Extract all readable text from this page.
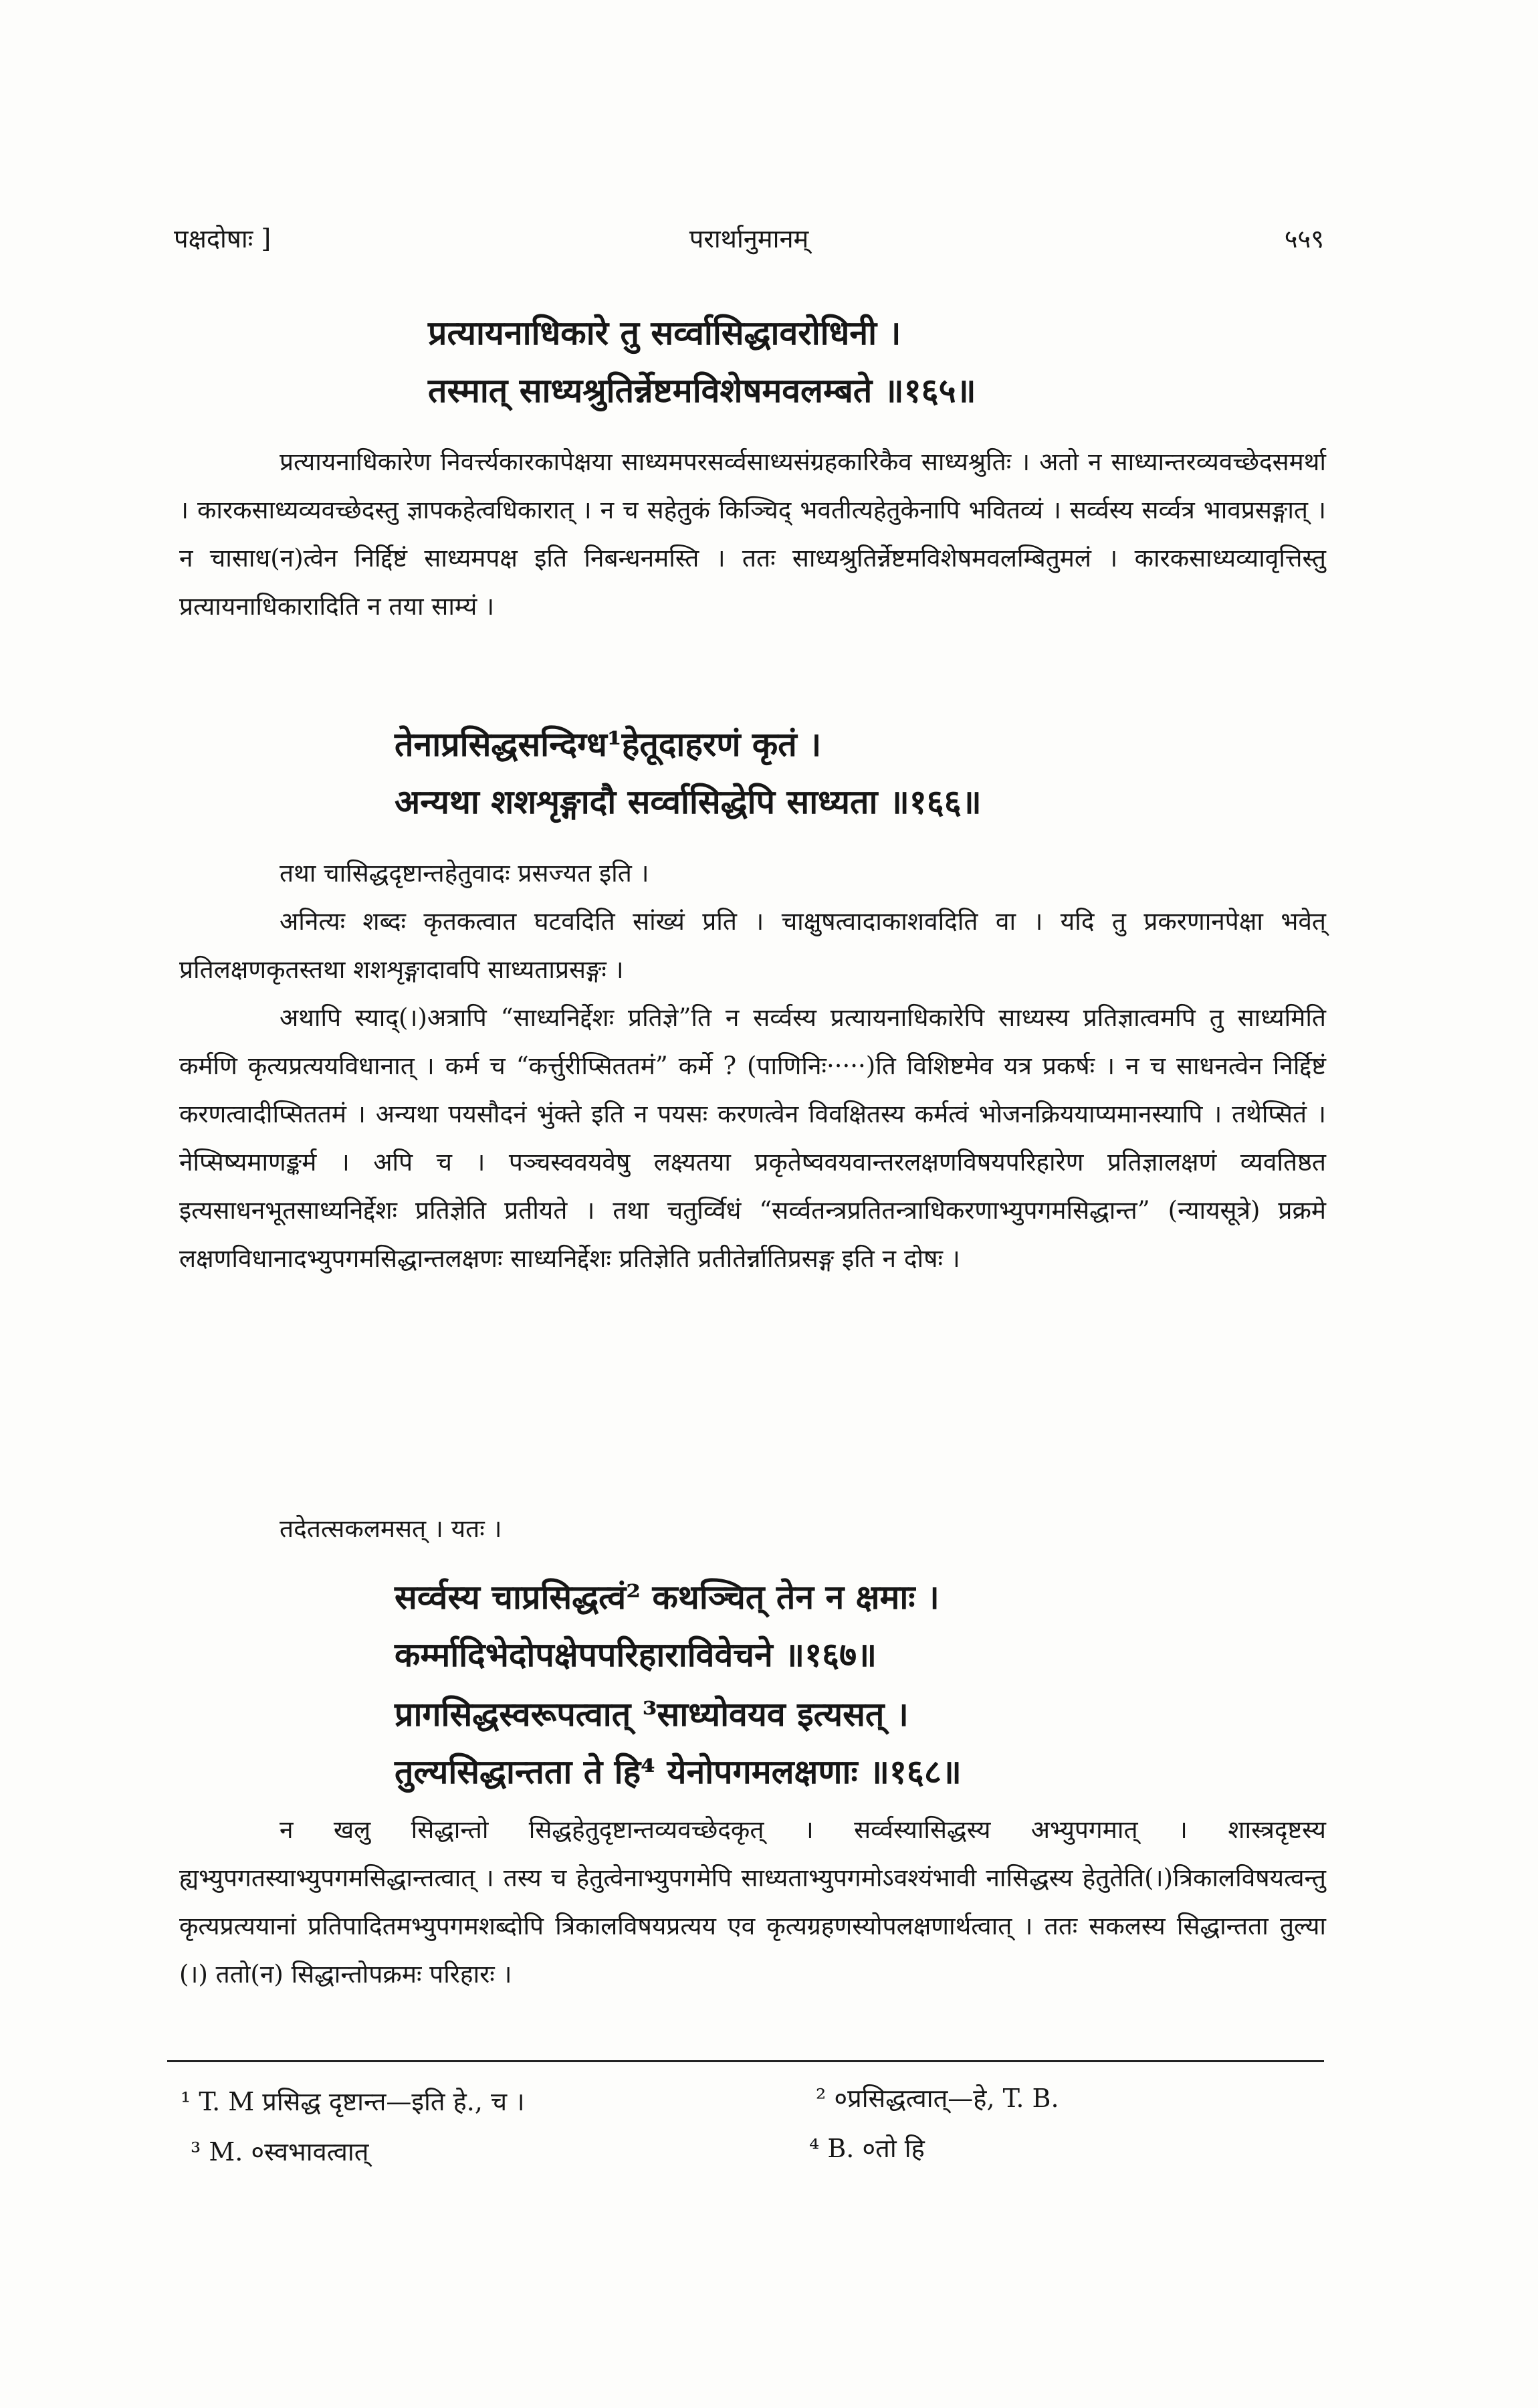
पक्षदोषाः ]	परार्थानुमानम्	५५९
प्रत्यायनाधिकारे तु सर्व्वासिद्धावरोधिनी ।
तस्मात् साध्यश्रुतिर्न्नेष्टमविशेषमवलम्बते ॥१६५॥

प्रत्यायनाधिकारेण निवर्त्त्यकारकापेक्षया साध्यमपरसर्व्वसाध्यसंग्रहकारिकैव साध्यश्रुतिः । अतो न साध्यान्तरव्यवच्छेदसमर्था । कारकसाध्यव्यवच्छेदस्तु ज्ञापकहेत्वधिकारात् । न च सहेतुकं किञ्चिद् भवतीत्यहेतुकेनापि भवितव्यं । सर्व्वस्य सर्व्वत्र भावप्रसङ्गात् । न चासाध(न)त्वेन निर्द्दिष्टं साध्यमपक्ष इति निबन्धनमस्ति । ततः साध्यश्रुतिर्न्नेष्टमविशेषमवलम्बितुमलं । कारकसाध्यव्यावृत्तिस्तु प्रत्यायनाधिकारादिति न तया साम्यं ।

तेनाप्रसिद्धसन्दिग्ध¹हेतूदाहरणं कृतं ।
अन्यथा शशशृङ्गादौ सर्व्वासिद्धेपि साध्यता ॥१६६॥

तथा चासिद्धदृष्टान्तहेतुवादः प्रसज्यत इति ।

अनित्यः शब्दः कृतकत्वात घटवदिति सांख्यं प्रति । चाक्षुषत्वादाकाशवदिति वा । यदि तु प्रकरणानपेक्षा भवेत् प्रतिलक्षणकृतस्तथा शशशृङ्गादावपि साध्यताप्रसङ्गः ।

अथापि स्याद्(।)अत्रापि “साध्यनिर्द्देशः प्रतिज्ञे”ति न सर्व्वस्य प्रत्यायनाधिकारेपि साध्यस्य प्रतिज्ञात्वमपि तु साध्यमिति कर्मणि कृत्यप्रत्ययविधानात् । कर्म च “कर्त्तुरीप्सिततमं” कर्मे ? (पाणिनिः·····)ति विशिष्टमेव यत्र प्रकर्षः । न च साधनत्वेन निर्द्दिष्टं करणत्वादीप्सिततमं । अन्यथा पयसौदनं भुंक्ते इति न पयसः करणत्वेन विवक्षितस्य कर्मत्वं भोजनक्रिययाप्यमानस्यापि । तथेप्सितं । नेप्सिष्यमाणङ्कर्म । अपि च । पञ्चस्ववयवेषु लक्ष्यतया प्रकृतेष्ववयवान्तरलक्षणविषयपरिहारेण प्रतिज्ञालक्षणं व्यवतिष्ठत इत्यसाधनभूतसाध्यनिर्द्देशः प्रतिज्ञेति प्रतीयते । तथा चतुर्व्विधं “सर्व्वतन्त्रप्रतितन्त्राधिकरणाभ्युपगमसिद्धान्त” (न्यायसूत्रे) प्रक्रमे लक्षणविधानादभ्युपगमसिद्धान्तलक्षणः साध्यनिर्द्देशः प्रतिज्ञेति प्रतीतेर्न्नातिप्रसङ्ग इति न दोषः ।

तदेतत्सकलमसत् । यतः ।

सर्व्वस्य चाप्रसिद्धत्वं² कथञ्चित् तेन न क्षमाः ।
कर्म्मादिभेदोपक्षेपपरिहाराविवेचने ॥१६७॥
प्रागसिद्धस्वरूपत्वात् ³साध्योवयव इत्यसत् ।
तुल्यसिद्धान्तता ते हि⁴ येनोपगमलक्षणाः ॥१६८॥

न खलु सिद्धान्तो सिद्धहेतुदृष्टान्तव्यवच्छेदकृत् । सर्व्वस्यासिद्धस्य अभ्युपगमात् । शास्त्रदृष्टस्य ह्यभ्युपगतस्याभ्युपगमसिद्धान्तत्वात् । तस्य च हेतुत्वेनाभ्युपगमेपि साध्यताभ्युपगमोऽवश्यंभावी नासिद्धस्य हेतुतेति(।)त्रिकालविषयत्वन्तु कृत्यप्रत्ययानां प्रतिपादितमभ्युपगमशब्दोपि त्रिकालविषयप्रत्यय एव कृत्यग्रहणस्योपलक्षणार्थत्वात् । ततः सकलस्य सिद्धान्तता तुल्या (।) ततो(न) सिद्धान्तोपक्रमः परिहारः ।

¹ T. M प्रसिद्ध दृष्टान्त—इति हे., च ।	² ०प्रसिद्धत्वात्—हे, T. B.
³ M. ०स्वभावत्वात्	⁴ B. ०तो हि
